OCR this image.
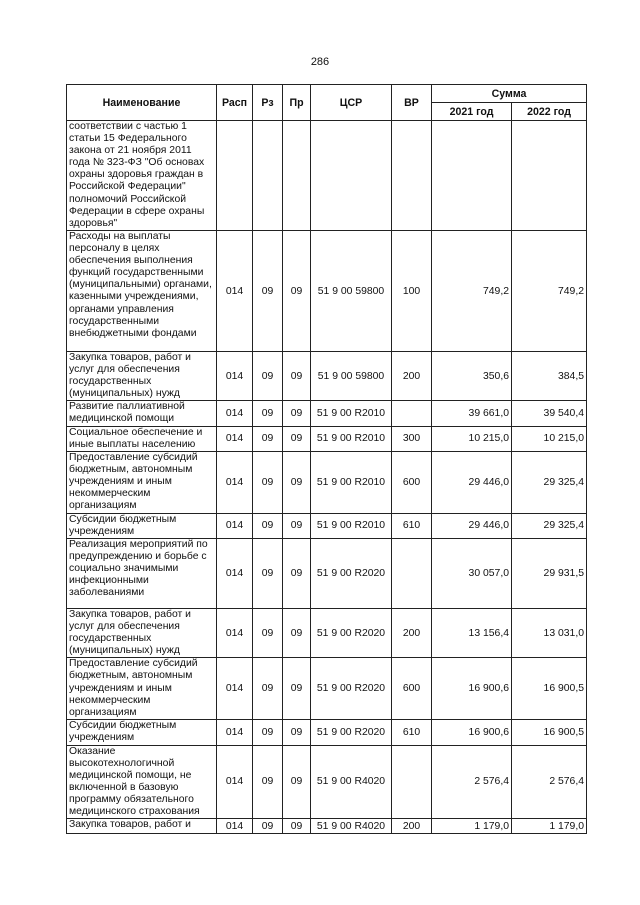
286
Наименование	Расп	Рз	Пр	ЦСР	ВР	Сумма	
						2021 год	2022 год
соответствии с частью 1 статьи 15 Федерального закона от 21 ноября 2011 года № 323-ФЗ "Об основах охраны здоровья граждан в Российской Федерации" полномочий Российской Федерации в сфере охраны здоровья"							
Расходы на выплаты персоналу в целях обеспечения выполнения функций государственными (муниципальными) органами, казенными учреждениями, органами управления государственными внебюджетными фондами	014	09	09	51 9 00 59800	100	749,2	749,2
Закупка товаров, работ и услуг для обеспечения государственных (муниципальных) нужд	014	09	09	51 9 00 59800	200	350,6	384,5
Развитие паллиативной медицинской помощи	014	09	09	51 9 00 R2010		39 661,0	39 540,4
Социальное обеспечение и иные выплаты населению	014	09	09	51 9 00 R2010	300	10 215,0	10 215,0
Предоставление субсидий бюджетным, автономным учреждениям и иным некоммерческим организациям	014	09	09	51 9 00 R2010	600	29 446,0	29 325,4
Субсидии бюджетным учреждениям	014	09	09	51 9 00 R2010	610	29 446,0	29 325,4
Реализация мероприятий по предупреждению и борьбе с социально значимыми инфекционными заболеваниями	014	09	09	51 9 00 R2020		30 057,0	29 931,5
Закупка товаров, работ и услуг для обеспечения государственных (муниципальных) нужд	014	09	09	51 9 00 R2020	200	13 156,4	13 031,0
Предоставление субсидий бюджетным, автономным учреждениям и иным некоммерческим организациям	014	09	09	51 9 00 R2020	600	16 900,6	16 900,5
Субсидии бюджетным учреждениям	014	09	09	51 9 00 R2020	610	16 900,6	16 900,5
Оказание высокотехнологичной медицинской помощи, не включенной в базовую программу обязательного медицинского страхования	014	09	09	51 9 00 R4020		2 576,4	2 576,4
Закупка товаров, работ и	014	09	09	51 9 00 R4020	200	1 179,0	1 179,0
